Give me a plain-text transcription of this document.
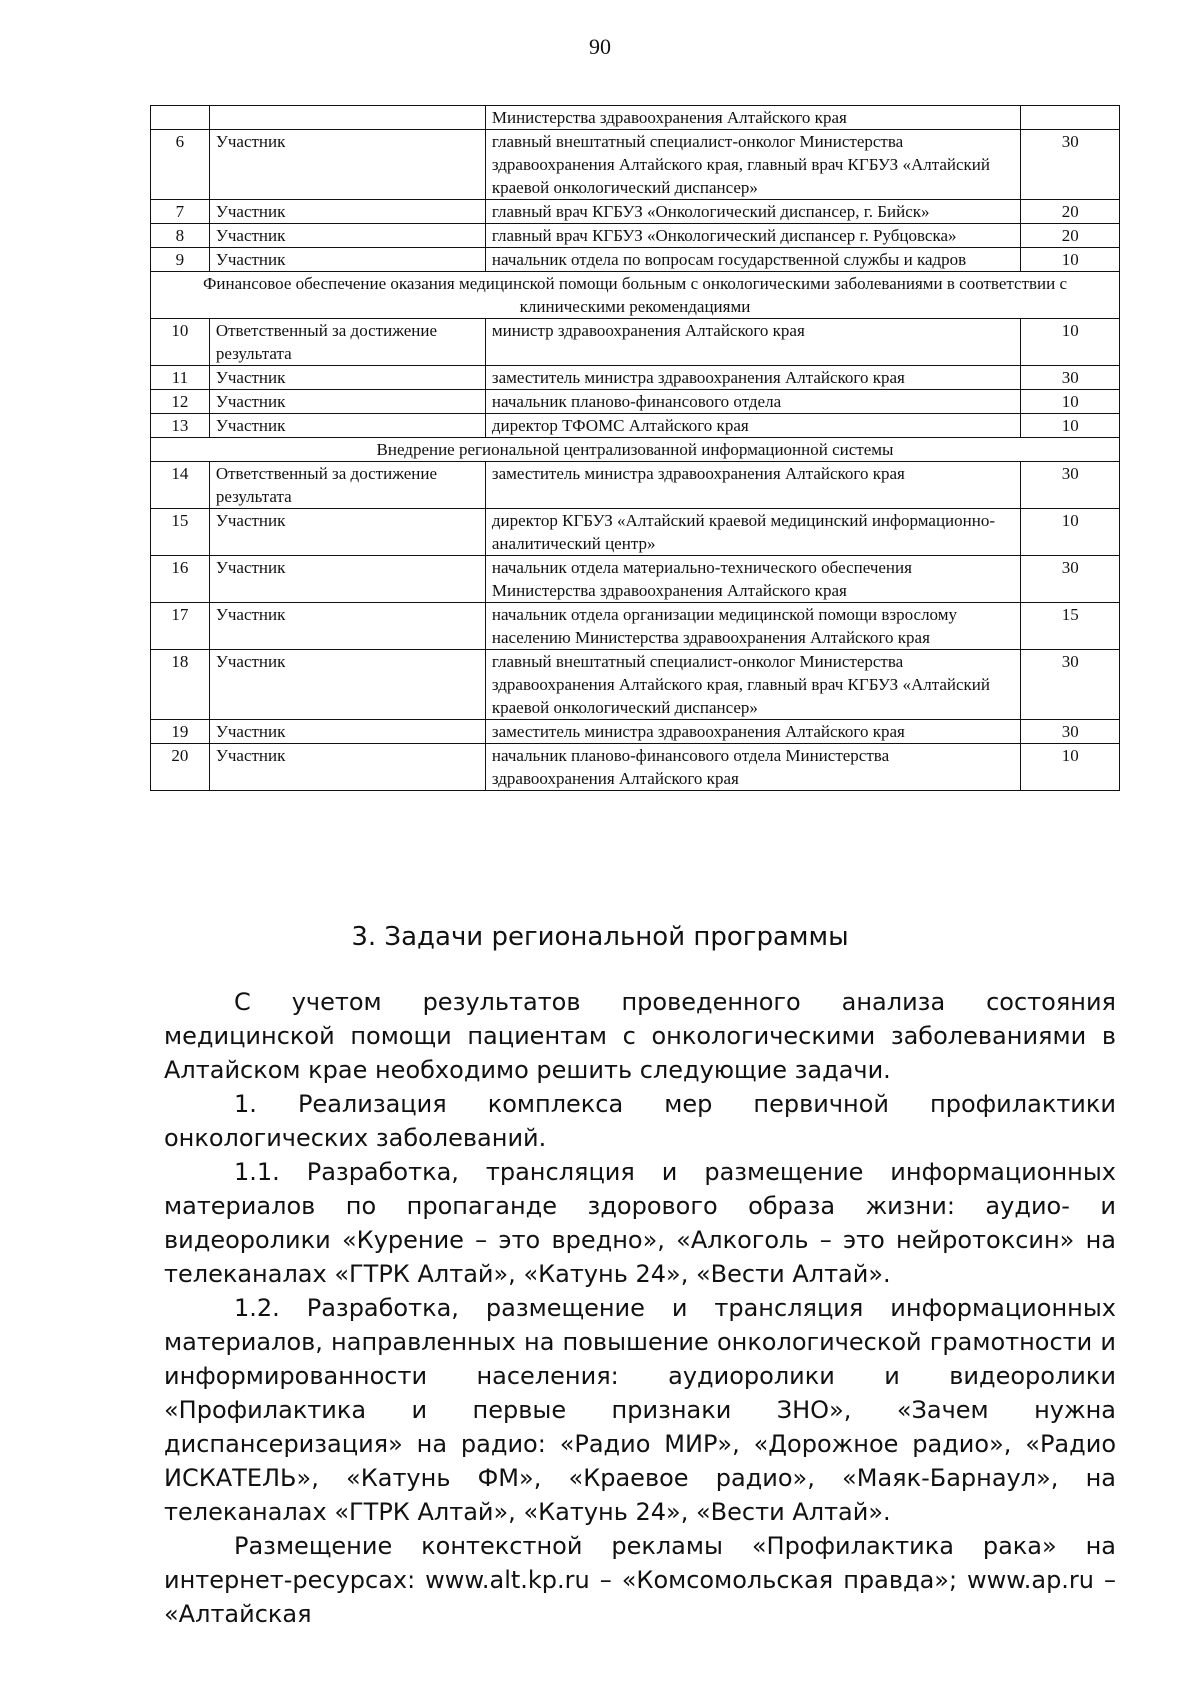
90
		Министерства здравоохранения Алтайского края	
6	Участник	главный внештатный специалист-онколог Министерства здравоохранения Алтайского края, главный врач КГБУЗ «Алтайский краевой онкологический диспансер»	30
7	Участник	главный врач КГБУЗ «Онкологический диспансер, г. Бийск»	20
8	Участник	главный врач КГБУЗ «Онкологический диспансер г. Рубцовска»	20
9	Участник	начальник отдела по вопросам государственной службы и кадров	10
Финансовое обеспечение оказания медицинской помощи больным с онкологическими заболеваниями в соответствии с клиническими рекомендациями			
10	Ответственный за достижение результата	министр здравоохранения Алтайского края	10
11	Участник	заместитель министра здравоохранения Алтайского края	30
12	Участник	начальник планово-финансового отдела	10
13	Участник	директор ТФОМС Алтайского края	10
Внедрение региональной централизованной информационной системы			
14	Ответственный за достижение результата	заместитель министра здравоохранения Алтайского края	30
15	Участник	директор КГБУЗ «Алтайский краевой медицинский информационно-аналитический центр»	10
16	Участник	начальник отдела материально-технического обеспечения Министерства здравоохранения Алтайского края	30
17	Участник	начальник отдела организации медицинской помощи взрослому населению Министерства здравоохранения Алтайского края	15
18	Участник	главный внештатный специалист-онколог Министерства здравоохранения Алтайского края, главный врач КГБУЗ «Алтайский краевой онкологический диспансер»	30
19	Участник	заместитель министра здравоохранения Алтайского края	30
20	Участник	начальник планово-финансового отдела Министерства здравоохранения Алтайского края	10
3. Задачи региональной программы

С учетом результатов проведенного анализа состояния медицинской помощи пациентам с онкологическими заболеваниями в Алтайском крае необходимо решить следующие задачи.

1. Реализация комплекса мер первичной профилактики онкологических заболеваний.

1.1. Разработка, трансляция и размещение информационных материалов по пропаганде здорового образа жизни: аудио- и видеоролики «Курение – это вредно», «Алкоголь – это нейротоксин» на телеканалах «ГТРК Алтай», «Катунь 24», «Вести Алтай».

1.2. Разработка, размещение и трансляция информационных материалов, направленных на повышение онкологической грамотности и информированности населения: аудиоролики и видеоролики «Профилактика и первые признаки ЗНО», «Зачем нужна диспансеризация» на радио: «Радио МИР», «Дорожное радио», «Радио ИСКАТЕЛЬ», «Катунь ФМ», «Краевое радио», «Маяк-Барнаул», на телеканалах «ГТРК Алтай», «Катунь 24», «Вести Алтай».

Размещение контекстной рекламы «Профилактика рака» на интернет-ресурсах: www.alt.kp.ru – «Комсомольская правда»; www.ap.ru – «Алтайская
